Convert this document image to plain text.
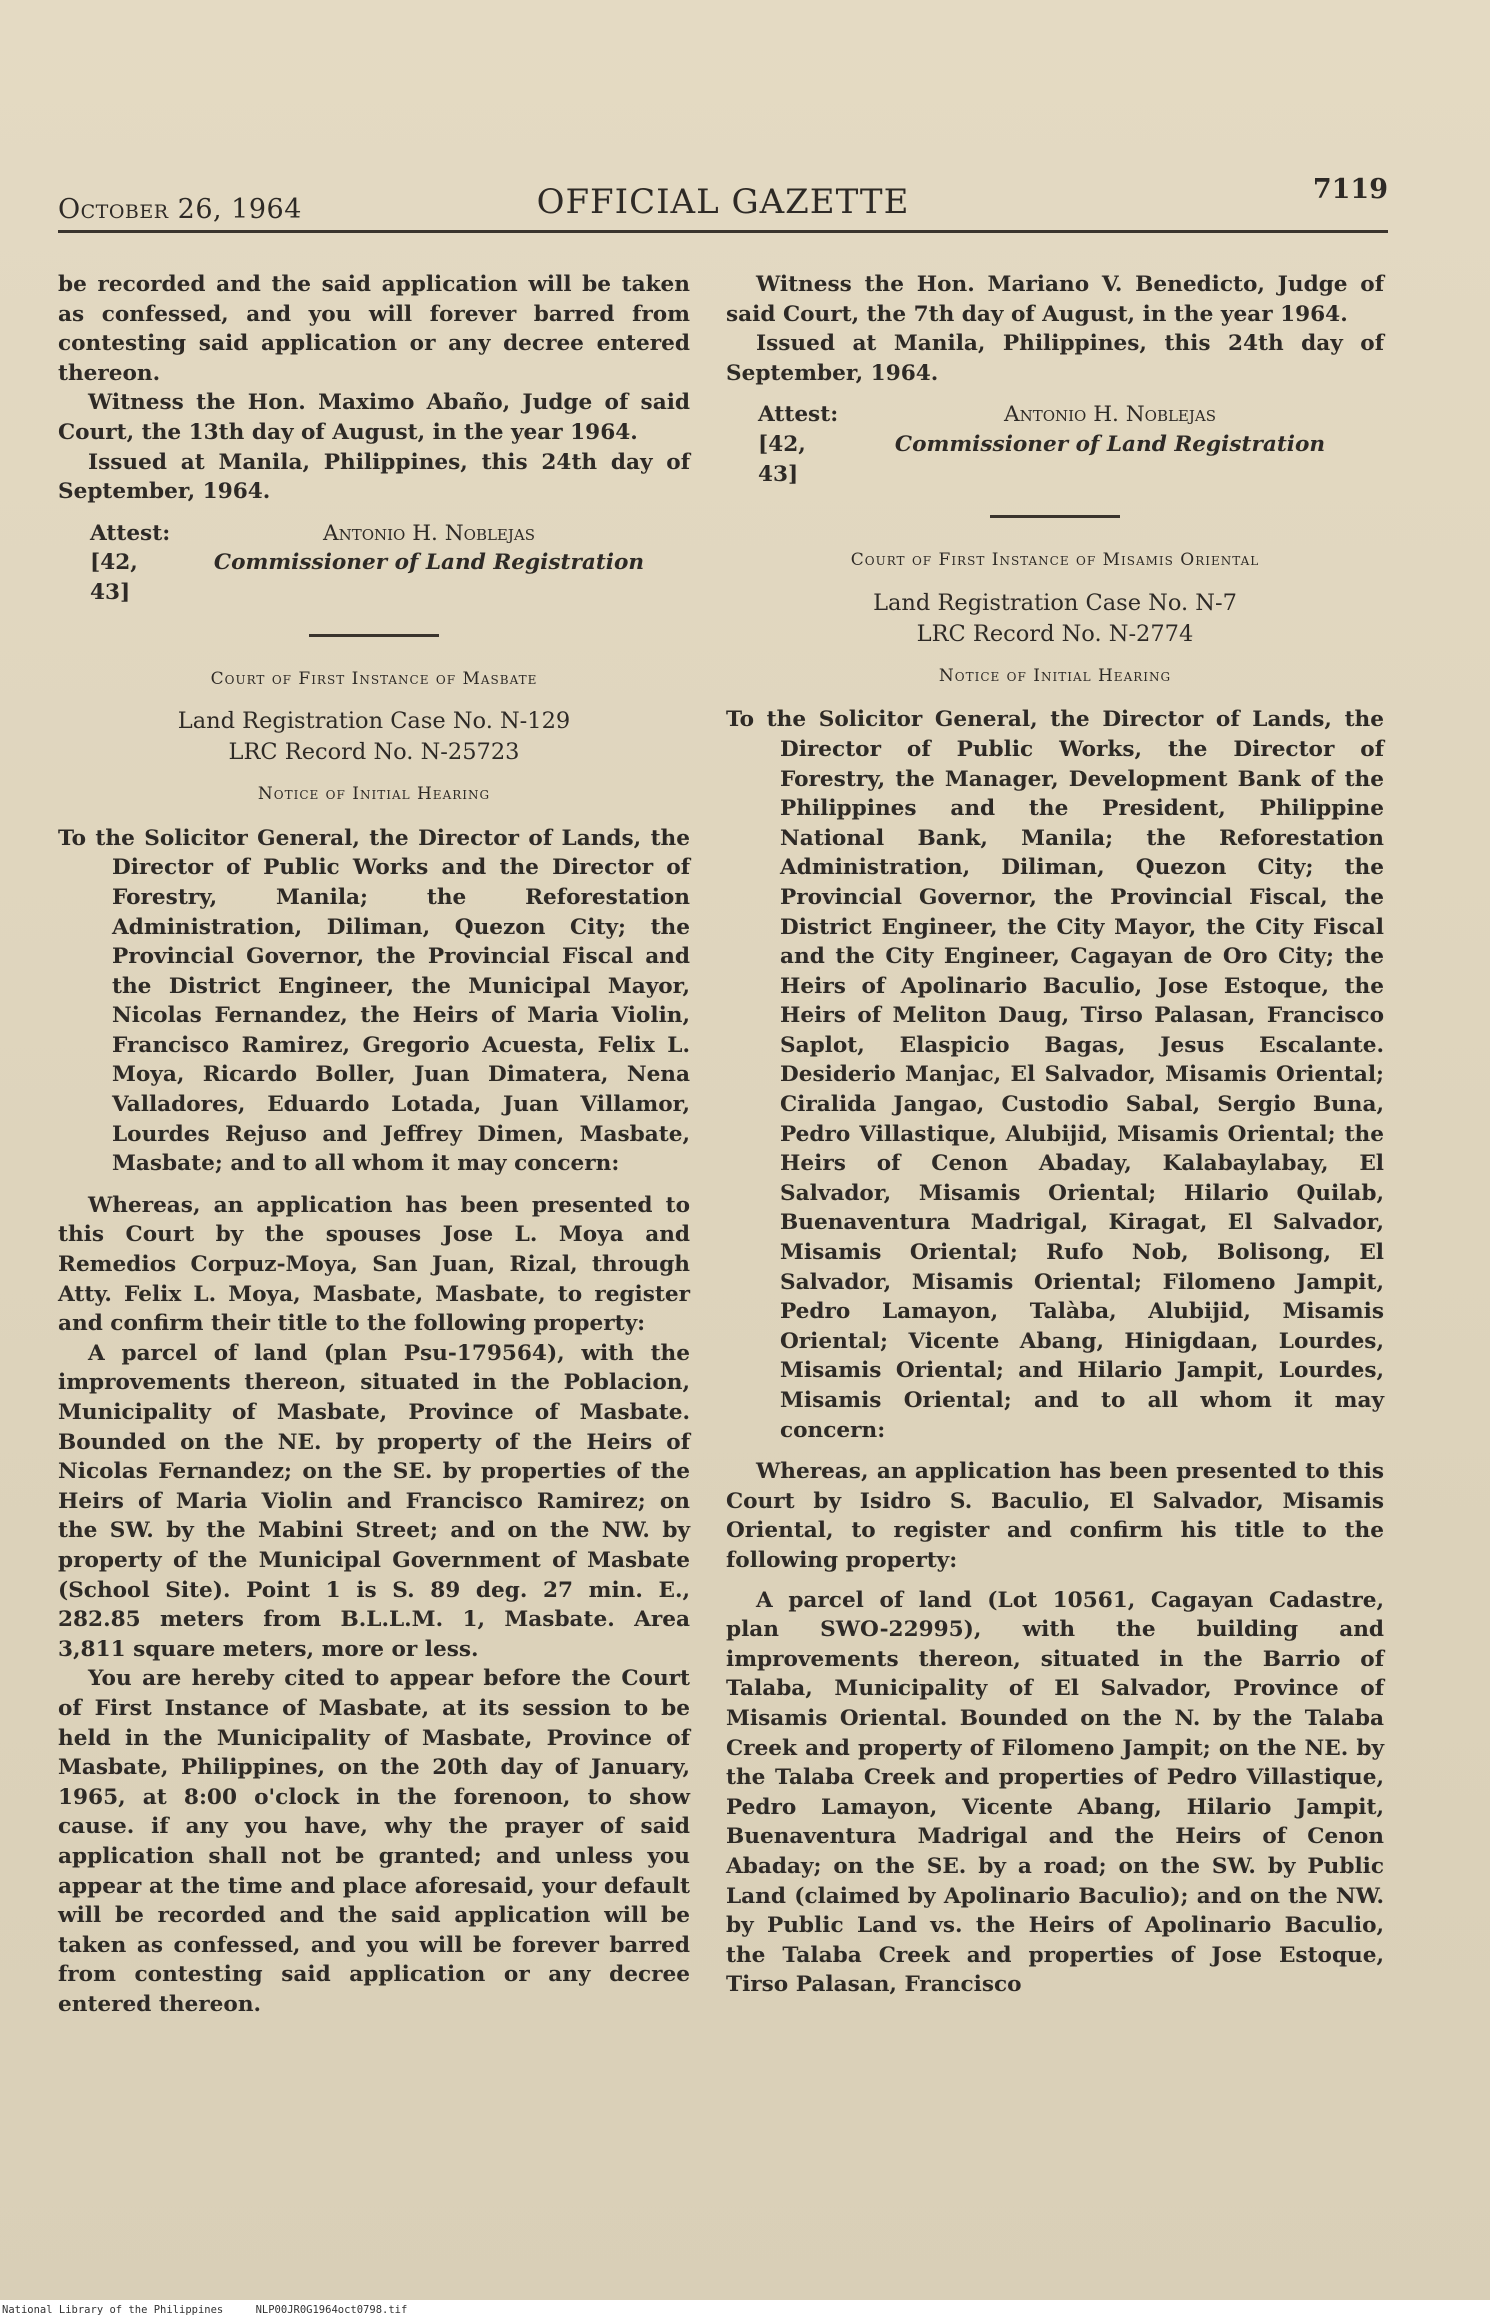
October 26, 1964	OFFICIAL GAZETTE	7119

be recorded and the said application will be taken as confessed, and you will forever barred from contesting said application or any decree entered thereon.

Witness the Hon. Maximo Abaño, Judge of said Court, the 13th day of August, in the year 1964.

Issued at Manila, Philippines, this 24th day of September, 1964.

Attest:	Antonio H. Noblejas
[42, 43]
Commissioner of Land Registration
Court of First Instance of Masbate
Land Registration Case No. N-129
LRC Record No. N-25723
Notice of Initial Hearing

To the Solicitor General, the Director of Lands, the Director of Public Works and the Director of Forestry, Manila; the Reforestation Administration, Diliman, Quezon City; the Provincial Governor, the Provincial Fiscal and the District Engineer, the Municipal Mayor, Nicolas Fernandez, the Heirs of Maria Violin, Francisco Ramirez, Gregorio Acuesta, Felix L. Moya, Ricardo Boller, Juan Dimatera, Nena Valladores, Eduardo Lotada, Juan Villamor, Lourdes Rejuso and Jeffrey Dimen, Masbate, Masbate; and to all whom it may concern:

Whereas, an application has been presented to this Court by the spouses Jose L. Moya and Remedios Corpuz-Moya, San Juan, Rizal, through Atty. Felix L. Moya, Masbate, Masbate, to register and confirm their title to the following property:

A parcel of land (plan Psu-179564), with the improvements thereon, situated in the Poblacion, Municipality of Masbate, Province of Masbate. Bounded on the NE. by property of the Heirs of Nicolas Fernandez; on the SE. by properties of the Heirs of Maria Violin and Francisco Ramirez; on the SW. by the Mabini Street; and on the NW. by property of the Municipal Government of Masbate (School Site). Point 1 is S. 89 deg. 27 min. E., 282.85 meters from B.L.L.M. 1, Masbate. Area 3,811 square meters, more or less.

You are hereby cited to appear before the Court of First Instance of Masbate, at its session to be held in the Municipality of Masbate, Province of Masbate, Philippines, on the 20th day of January, 1965, at 8:00 o'clock in the forenoon, to show cause. if any you have, why the prayer of said application shall not be granted; and unless you appear at the time and place aforesaid, your default will be recorded and the said application will be taken as confessed, and you will be forever barred from contesting said application or any decree entered thereon.

Witness the Hon. Mariano V. Benedicto, Judge of said Court, the 7th day of August, in the year 1964.

Issued at Manila, Philippines, this 24th day of September, 1964.

Attest:	Antonio H. Noblejas
[42, 43]
Commissioner of Land Registration
Court of First Instance of Misamis Oriental
Land Registration Case No. N-7
LRC Record No. N-2774
Notice of Initial Hearing

To the Solicitor General, the Director of Lands, the Director of Public Works, the Director of Forestry, the Manager, Development Bank of the Philippines and the President, Philippine National Bank, Manila; the Reforestation Administration, Diliman, Quezon City; the Provincial Governor, the Provincial Fiscal, the District Engineer, the City Mayor, the City Fiscal and the City Engineer, Cagayan de Oro City; the Heirs of Apolinario Baculio, Jose Estoque, the Heirs of Meliton Daug, Tirso Palasan, Francisco Saplot, Elaspicio Bagas, Jesus Escalante. Desiderio Manjac, El Salvador, Misamis Oriental; Ciralida Jangao, Custodio Sabal, Sergio Buna, Pedro Villastique, Alubijid, Misamis Oriental; the Heirs of Cenon Abaday, Kalabaylabay, El Salvador, Misamis Oriental; Hilario Quilab, Buenaventura Madrigal, Kiragat, El Salvador, Misamis Oriental; Rufo Nob, Bolisong, El Salvador, Misamis Oriental; Filomeno Jampit, Pedro Lamayon, Talàba, Alubijid, Misamis Oriental; Vicente Abang, Hinigdaan, Lourdes, Misamis Oriental; and Hilario Jampit, Lourdes, Misamis Oriental; and to all whom it may concern:

Whereas, an application has been presented to this Court by Isidro S. Baculio, El Salvador, Misamis Oriental, to register and confirm his title to the following property:

A parcel of land (Lot 10561, Cagayan Cadastre, plan SWO-22995), with the building and improvements thereon, situated in the Barrio of Talaba, Municipality of El Salvador, Province of Misamis Oriental. Bounded on the N. by the Talaba Creek and property of Filomeno Jampit; on the NE. by the Talaba Creek and properties of Pedro Villastique, Pedro Lamayon, Vicente Abang, Hilario Jampit, Buenaventura Madrigal and the Heirs of Cenon Abaday; on the SE. by a road; on the SW. by Public Land (claimed by Apolinario Baculio); and on the NW. by Public Land vs. the Heirs of Apolinario Baculio, the Talaba Creek and properties of Jose Estoque, Tirso Palasan, Francisco

National Library of the Philippines	NLP00JR0G1964oct0798.tif
